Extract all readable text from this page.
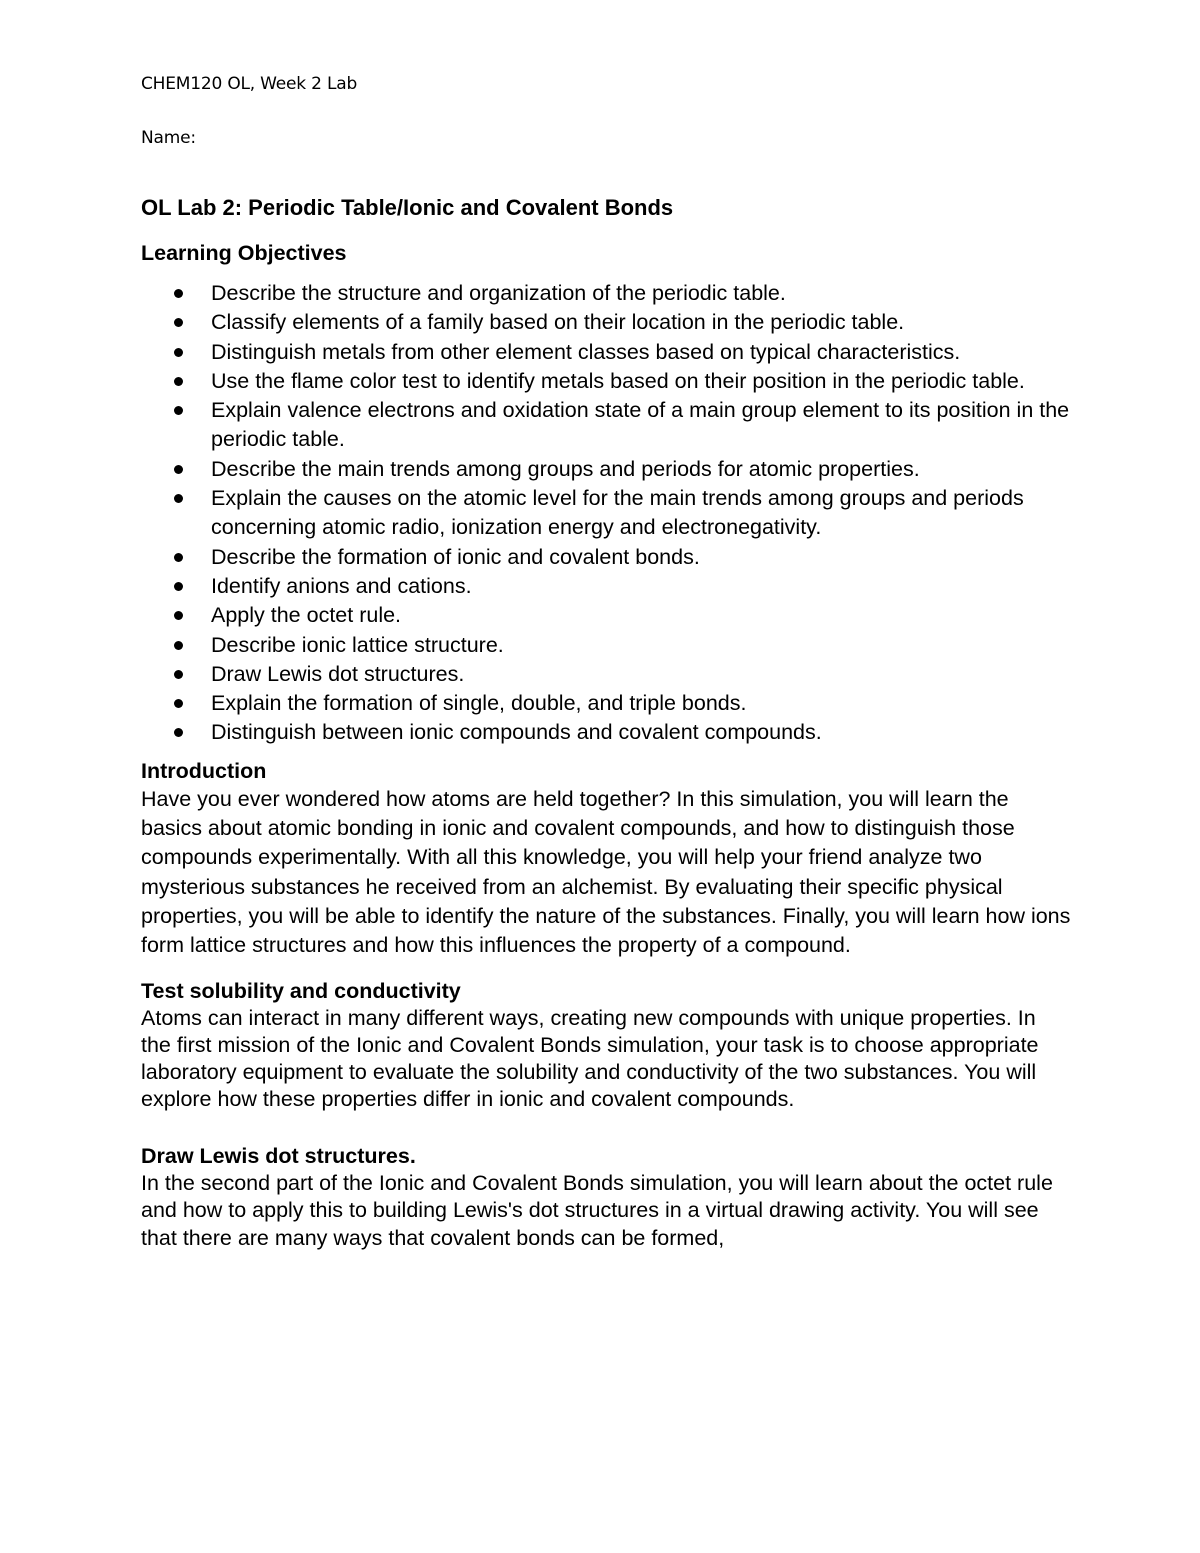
CHEM120 OL, Week 2 Lab
Name:
OL Lab 2: Periodic Table/Ionic and Covalent Bonds
Learning Objectives
Describe the structure and organization of the periodic table.
Classify elements of a family based on their location in the periodic table.
Distinguish metals from other element classes based on typical characteristics.
Use the flame color test to identify metals based on their position in the periodic table.
Explain valence electrons and oxidation state of a main group element to its position in the periodic table.
Describe the main trends among groups and periods for atomic properties.
Explain the causes on the atomic level for the main trends among groups and periods concerning atomic radio, ionization energy and electronegativity.
Describe the formation of ionic and covalent bonds.
Identify anions and cations.
Apply the octet rule.
Describe ionic lattice structure.
Draw Lewis dot structures.
Explain the formation of single, double, and triple bonds.
Distinguish between ionic compounds and covalent compounds.
Introduction

Have you ever wondered how atoms are held together? In this simulation, you will learn the basics about atomic bonding in ionic and covalent compounds, and how to distinguish those compounds experimentally. With all this knowledge, you will help your friend analyze two mysterious substances he received from an alchemist. By evaluating their specific physical properties, you will be able to identify the nature of the substances. Finally, you will learn how ions form lattice structures and how this influences the property of a compound.

Test solubility and conductivity

Atoms can interact in many different ways, creating new compounds with unique properties. In the first mission of the Ionic and Covalent Bonds simulation, your task is to choose appropriate laboratory equipment to evaluate the solubility and conductivity of the two substances. You will explore how these properties differ in ionic and covalent compounds.

Draw Lewis dot structures.

In the second part of the Ionic and Covalent Bonds simulation, you will learn about the octet rule and how to apply this to building Lewis's dot structures in a virtual drawing activity. You will see that there are many ways that covalent bonds can be formed,
